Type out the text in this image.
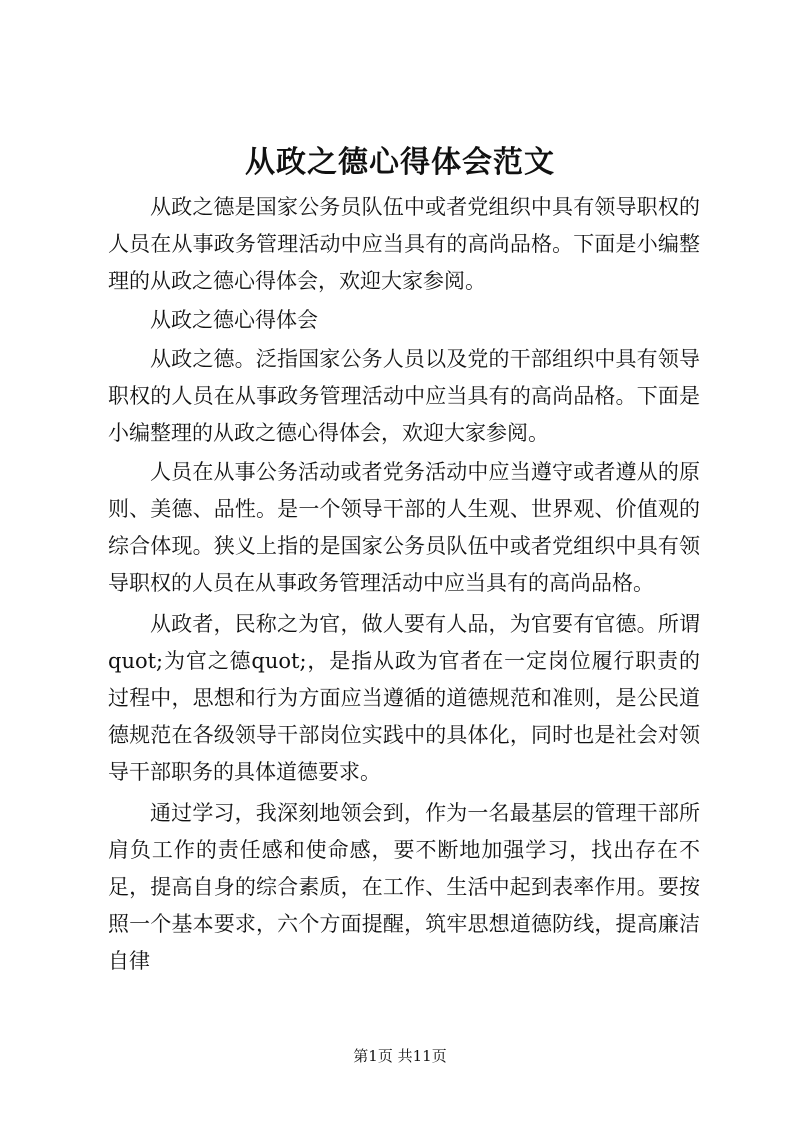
从政之德心得体会范文

从政之德是国家公务员队伍中或者党组织中具有领导职权的人员在从事政务管理活动中应当具有的高尚品格。下面是小编整理的从政之德心得体会，欢迎大家参阅。

从政之德心得体会

从政之德。泛指国家公务人员以及党的干部组织中具有领导职权的人员在从事政务管理活动中应当具有的高尚品格。下面是小编整理的从政之德心得体会，欢迎大家参阅。

人员在从事公务活动或者党务活动中应当遵守或者遵从的原则、美德、品性。是一个领导干部的人生观、世界观、价值观的综合体现。狭义上指的是国家公务员队伍中或者党组织中具有领导职权的人员在从事政务管理活动中应当具有的高尚品格。

从政者，民称之为官，做人要有人品，为官要有官德。所谓quot;为官之德quot;，是指从政为官者在一定岗位履行职责的过程中，思想和行为方面应当遵循的道德规范和准则，是公民道德规范在各级领导干部岗位实践中的具体化，同时也是社会对领导干部职务的具体道德要求。

通过学习，我深刻地领会到，作为一名最基层的管理干部所肩负工作的责任感和使命感，要不断地加强学习，找出存在不足，提高自身的综合素质，在工作、生活中起到表率作用。要按照一个基本要求，六个方面提醒，筑牢思想道德防线，提高廉洁自律

第1页 共11页
